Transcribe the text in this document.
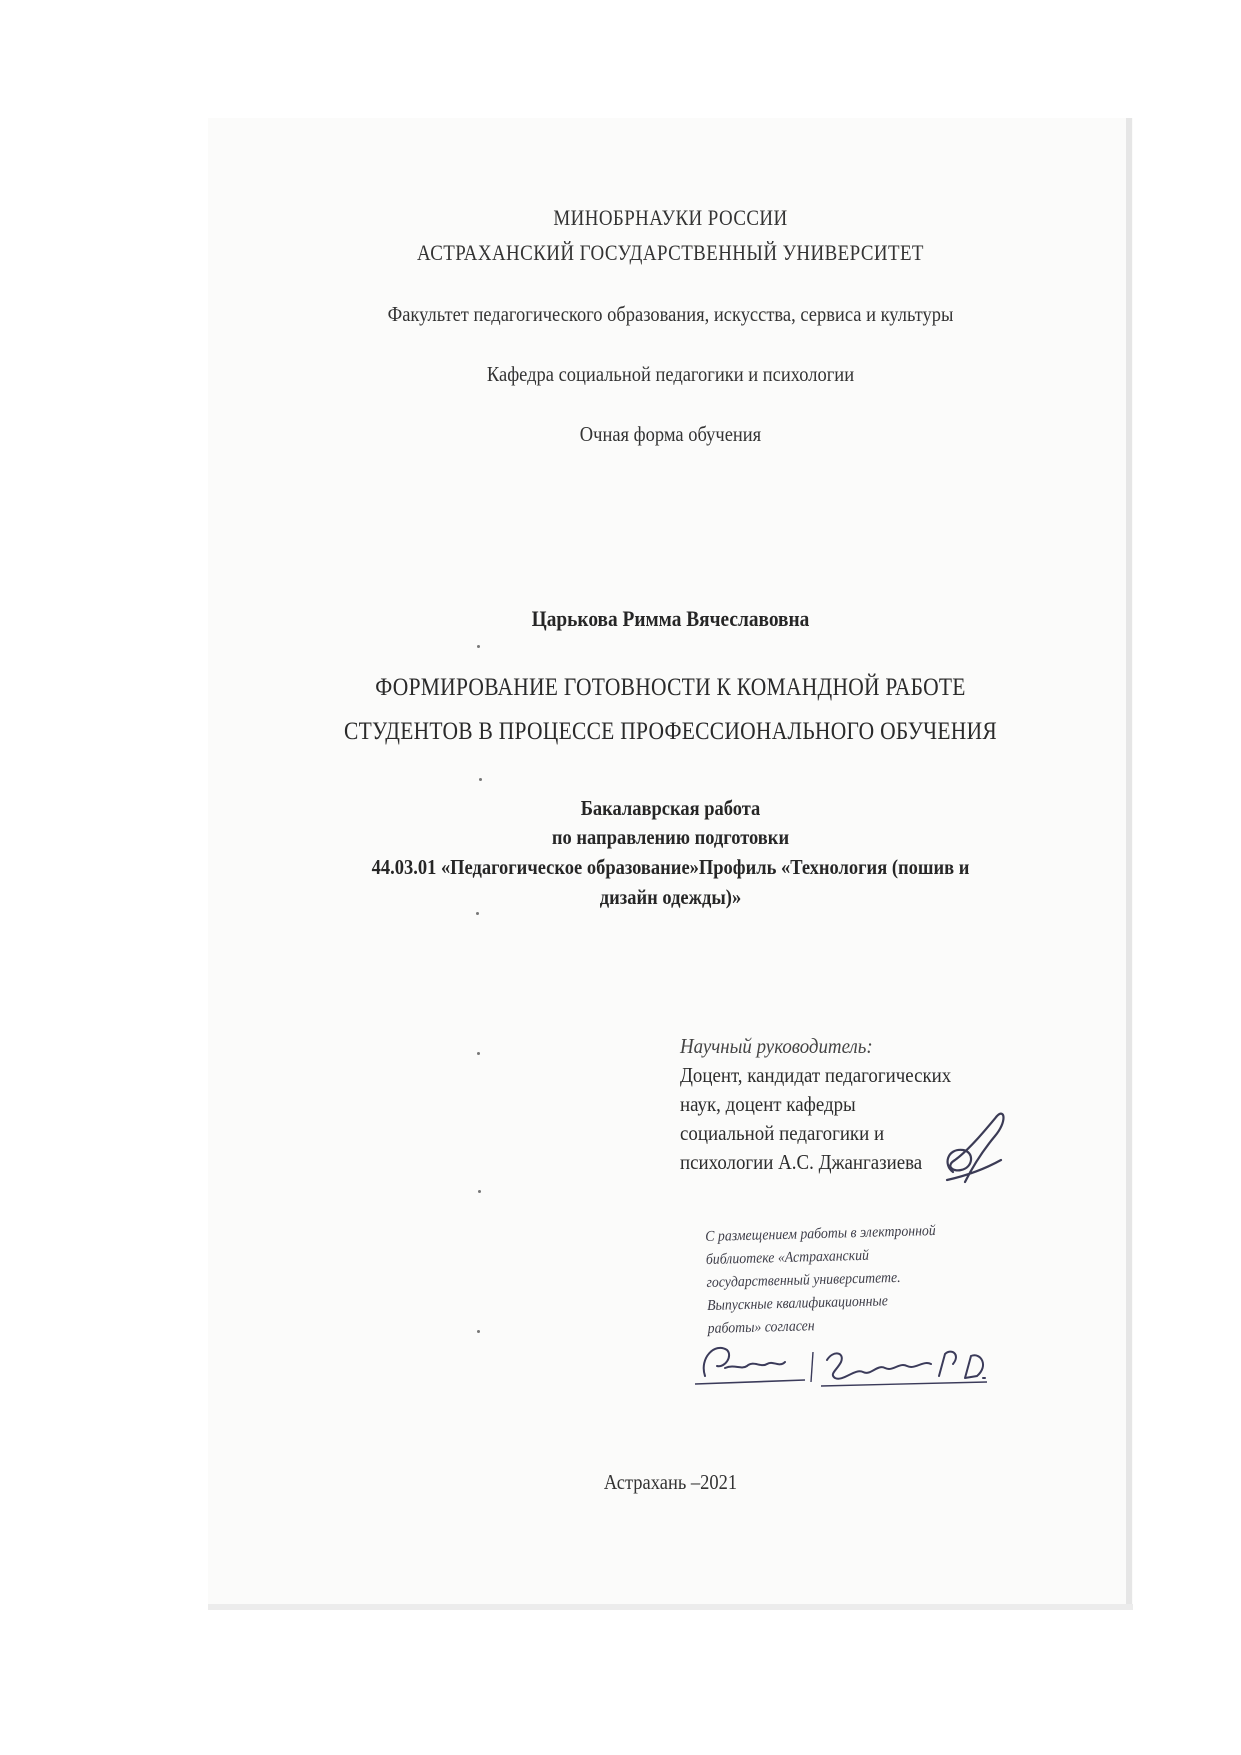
МИНОБРНАУКИ РОССИИ
АСТРАХАНСКИЙ ГОСУДАРСТВЕННЫЙ УНИВЕРСИТЕТ
Факультет педагогического образования, искусства, сервиса и культуры
Кафедра социальной педагогики и психологии
Очная форма обучения
Царькова Римма Вячеславовна
ФОРМИРОВАНИЕ ГОТОВНОСТИ К КОМАНДНОЙ РАБОТЕ
СТУДЕНТОВ В ПРОЦЕССЕ ПРОФЕССИОНАЛЬНОГО ОБУЧЕНИЯ
Бакалаврская работа
по направлению подготовки
44.03.01 «Педагогическое образование»Профиль «Технология (пошив и
дизайн одежды)»
Научный руководитель:
Доцент, кандидат педагогических
наук, доцент кафедры
социальной педагогики и
психологии А.С. Джангазиева
С размещением работы в электронной
библиотеке «Астраханский
государственный университете.
Выпускные квалификационные
работы» согласен
Астрахань –2021
